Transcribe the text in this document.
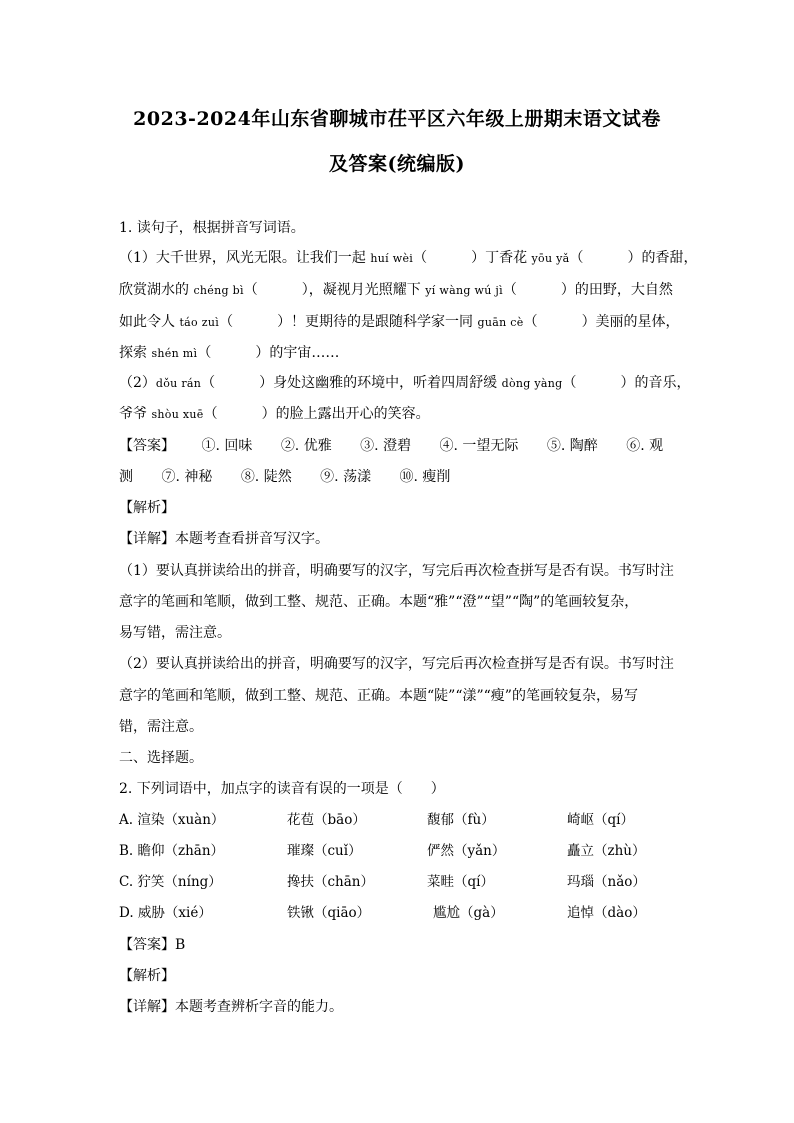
2023-2024年山东省聊城市茌平区六年级上册期末语文试卷
及答案(统编版)
1. 读句子，根据拼音写词语。
（1）大千世界，风光无限。让我们一起 huí wèi（	）丁香花 yōu yǎ（	）的香甜，
欣赏湖水的 chéng bì（	），凝视月光照耀下 yí wàng wú jì（	）的田野，大自然
如此令人 táo zuì（	）！更期待的是跟随科学家一同 guān cè（	）美丽的星体，
探索 shén mì（	）的宇宙……
（2）dǒu rán（	）身处这幽雅的环境中，听着四周舒缓 dòng yàng（	）的音乐，
爷爷 shòu xuē（	）的脸上露出开心的笑容。
【答案】 ①. 回味 ②. 优雅 ③. 澄碧 ④. 一望无际 ⑤. 陶醉 ⑥. 观
测 ⑦. 神秘 ⑧. 陡然 ⑨. 荡漾 ⑩. 瘦削
【解析】
【详解】本题考查看拼音写汉字。
（1）要认真拼读给出的拼音，明确要写的汉字，写完后再次检查拼写是否有误。书写时注
意字的笔画和笔顺，做到工整、规范、正确。本题“雅”“澄”“望”“陶”的笔画较复杂，
易写错，需注意。
（2）要认真拼读给出的拼音，明确要写的汉字，写完后再次检查拼写是否有误。书写时注
意字的笔画和笔顺，做到工整、规范、正确。本题“陡”“漾”“瘦”的笔画较复杂，易写
错，需注意。
二、选择题。
2. 下列词语中，加点字的读音有误的一项是（　　）
A. 渲染（xuàn）	花苞（bāo）	馥郁（fù）	崎岖（qí）
B. 瞻仰（zhān）	璀璨（cuǐ）	俨然（yǎn）	矗立（zhù）
C. 狞笑（níng）	搀扶（chān）	菜畦（qí）	玛瑙（nǎo）
D. 威胁（xié）	铁锹（qiāo）	尴尬（gà）	追悼（dào）
【答案】B
【解析】
【详解】本题考查辨析字音的能力。
